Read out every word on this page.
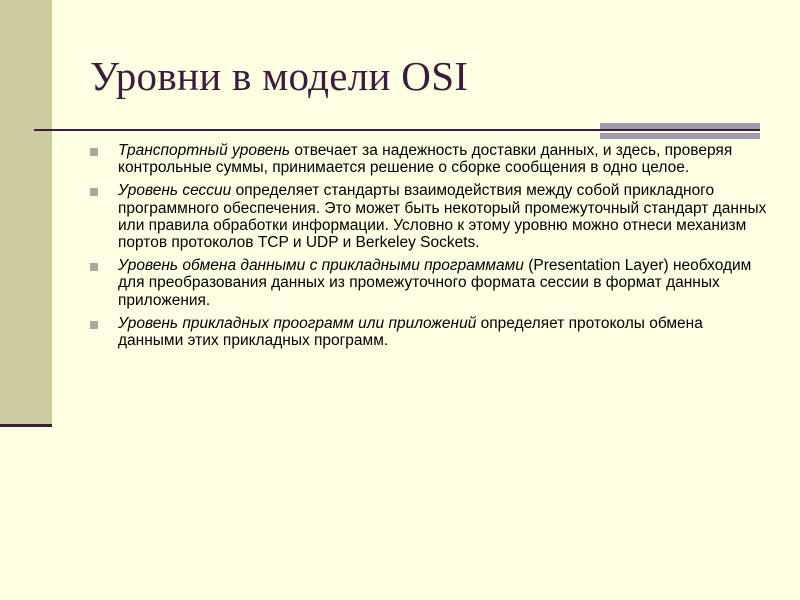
Уровни в модели OSI
Транспортный уровень отвечает за надежность доставки данных, и здесь, проверяя контрольные суммы, принимается решение о сборке сообщения в одно целое.
Уровень сессии определяет стандарты взаимодействия между собой прикладного программного обеспечения. Это может быть некоторый промежуточный стандарт данных или правила обработки информации. Условно к этому уровню можно отнеси механизм портов протоколов TCP и UDP и Berkeley Sockets.
Уровень обмена данными с прикладными программами (Presentation Layer) необходим для преобразования данных из промежуточного формата сессии в формат данных приложения.
Уровень прикладных проограмм или приложений определяет протоколы обмена данными этих прикладных программ.
